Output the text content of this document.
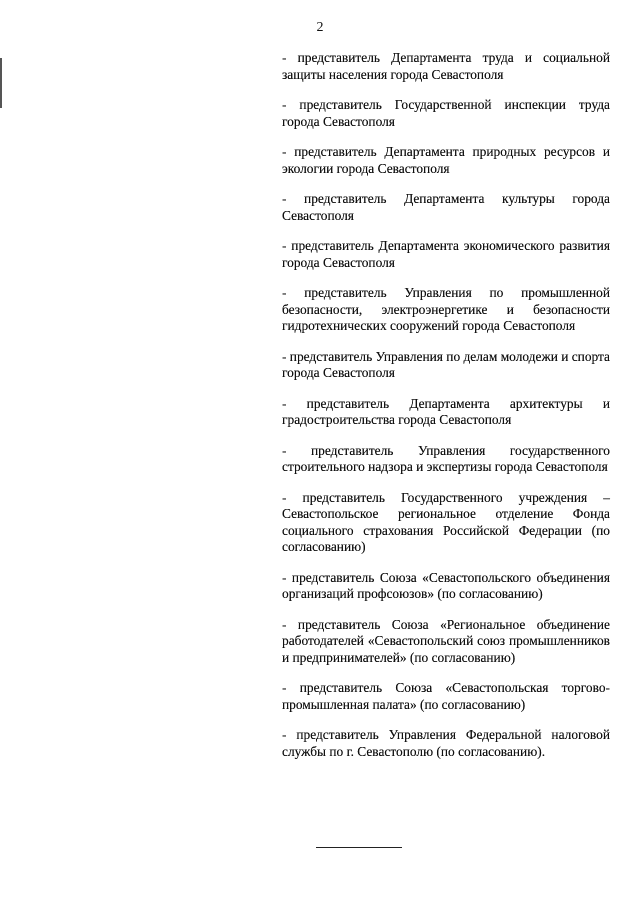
2
- представитель Департамента труда и социальной защиты населения города Севастополя
- представитель Государственной инспекции труда города Севастополя
- представитель Департамента природных ресурсов и экологии города Севастополя
- представитель Департамента культуры города Севастополя
- представитель Департамента экономического развития города Севастополя
- представитель Управления по промышленной безопасности, электроэнергетике и безопасности гидротехнических сооружений города Севастополя
- представитель Управления по делам молодежи и спорта города Севастополя
- представитель Департамента архитектуры и градостроительства города Севастополя
- представитель Управления государственного строительного надзора и экспертизы города Севастополя
- представитель Государственного учреждения – Севастопольское региональное отделение Фонда социального страхования Российской Федерации (по согласованию)
- представитель Союза «Севастопольского объединения организаций профсоюзов» (по согласованию)
- представитель Союза «Региональное объединение работодателей «Севастопольский союз промышленников и предпринимателей» (по согласованию)
- представитель Союза «Севастопольская торгово-промышленная палата» (по согласованию)
- представитель Управления Федеральной налоговой службы по г. Севастополю (по согласованию).
